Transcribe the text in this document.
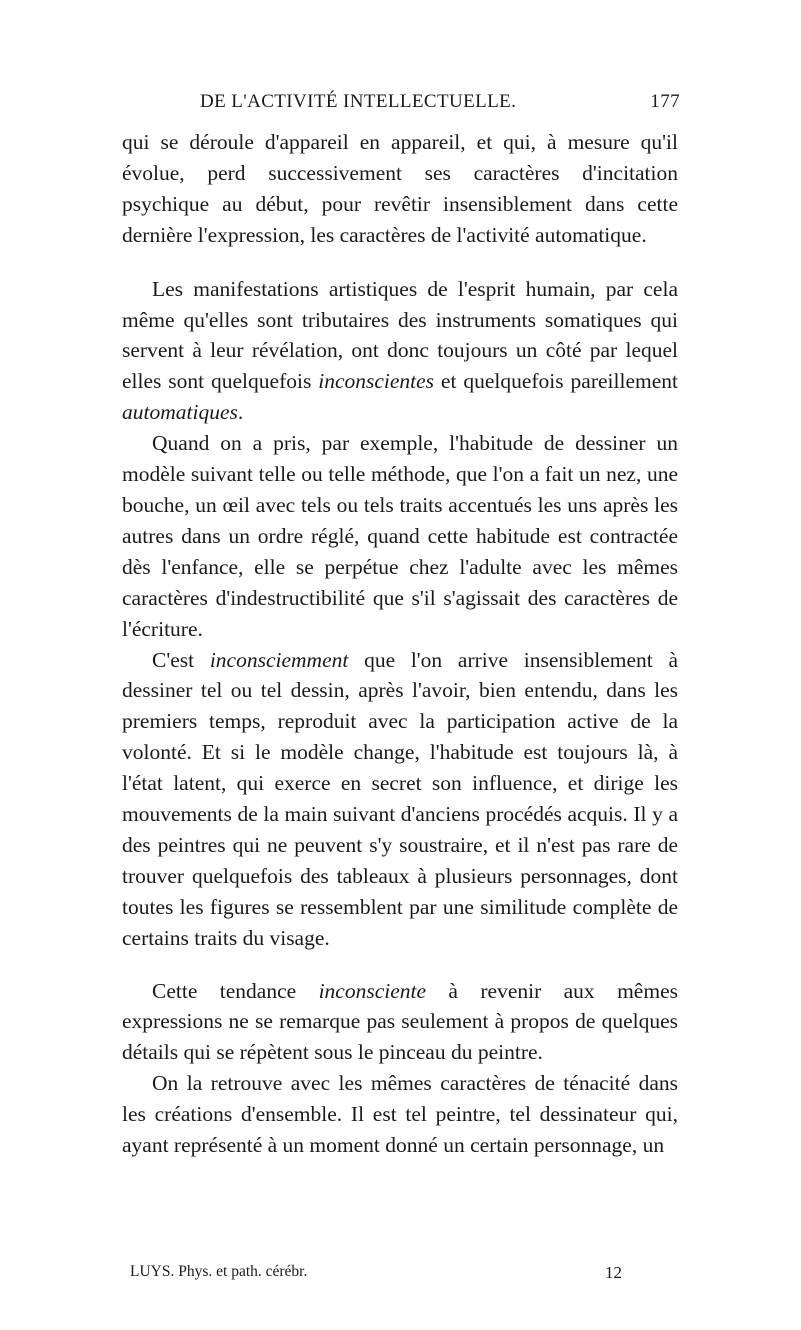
DE L'ACTIVITÉ INTELLECTUELLE.	177

qui se déroule d'appareil en appareil, et qui, à mesure qu'il évolue, perd successivement ses caractères d'incitation psychique au début, pour revêtir insensiblement dans cette dernière l'expression, les caractères de l'activité automatique.

Les manifestations artistiques de l'esprit humain, par cela même qu'elles sont tributaires des instruments somatiques qui servent à leur révélation, ont donc toujours un côté par lequel elles sont quelquefois inconscientes et quelquefois pareillement automatiques.

Quand on a pris, par exemple, l'habitude de dessiner un modèle suivant telle ou telle méthode, que l'on a fait un nez, une bouche, un œil avec tels ou tels traits accentués les uns après les autres dans un ordre réglé, quand cette habitude est contractée dès l'enfance, elle se perpétue chez l'adulte avec les mêmes caractères d'indestructibilité que s'il s'agissait des caractères de l'écriture.

C'est inconsciemment que l'on arrive insensiblement à dessiner tel ou tel dessin, après l'avoir, bien entendu, dans les premiers temps, reproduit avec la participation active de la volonté. Et si le modèle change, l'habitude est toujours là, à l'état latent, qui exerce en secret son influence, et dirige les mouvements de la main suivant d'anciens procédés acquis. Il y a des peintres qui ne peuvent s'y soustraire, et il n'est pas rare de trouver quelquefois des tableaux à plusieurs personnages, dont toutes les figures se ressemblent par une similitude complète de certains traits du visage.

Cette tendance inconsciente à revenir aux mêmes expressions ne se remarque pas seulement à propos de quelques détails qui se répètent sous le pinceau du peintre.

On la retrouve avec les mêmes caractères de ténacité dans les créations d'ensemble. Il est tel peintre, tel dessinateur qui, ayant représenté à un moment donné un certain personnage, un

LUYS. Phys. et path. cérébr.	12
